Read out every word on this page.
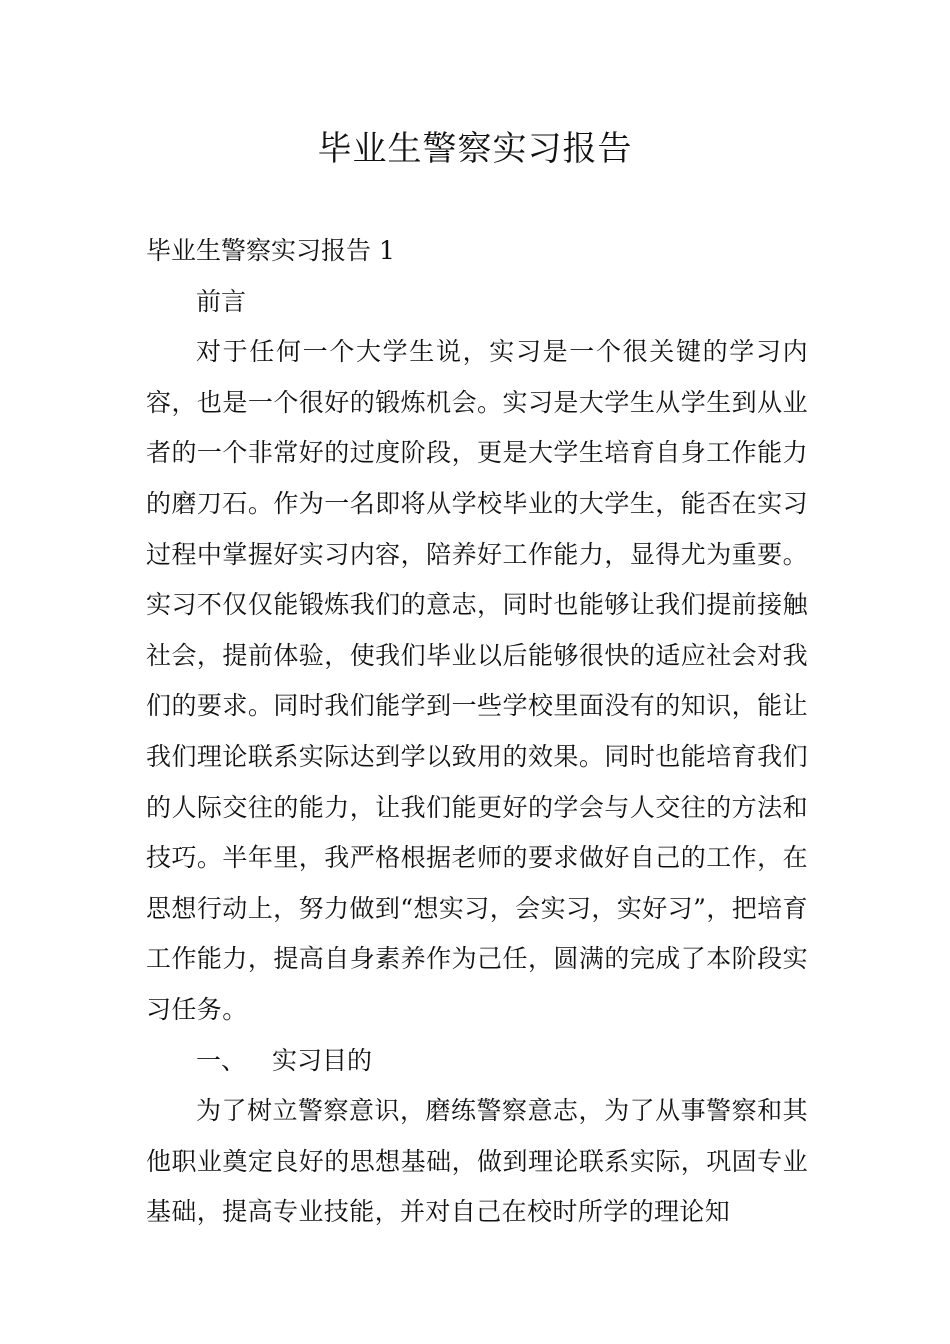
毕业生警察实习报告

毕业生警察实习报告 1

前言

对于任何一个大学生说，实习是一个很关键的学习内容，也是一个很好的锻炼机会。实习是大学生从学生到从业者的一个非常好的过度阶段，更是大学生培育自身工作能力的磨刀石。作为一名即将从学校毕业的大学生，能否在实习过程中掌握好实习内容，陪养好工作能力，显得尤为重要。实习不仅仅能锻炼我们的意志，同时也能够让我们提前接触社会，提前体验，使我们毕业以后能够很快的适应社会对我们的要求。同时我们能学到一些学校里面没有的知识，能让我们理论联系实际达到学以致用的效果。同时也能培育我们的人际交往的能力，让我们能更好的学会与人交往的方法和技巧。半年里，我严格根据老师的要求做好自己的工作，在思想行动上，努力做到“想实习，会实习，实好习”，把培育工作能力，提高自身素养作为己任，圆满的完成了本阶段实习任务。

一、 实习目的

为了树立警察意识，磨练警察意志，为了从事警察和其他职业奠定良好的思想基础，做到理论联系实际，巩固专业基础，提高专业技能，并对自己在校时所学的理论知
